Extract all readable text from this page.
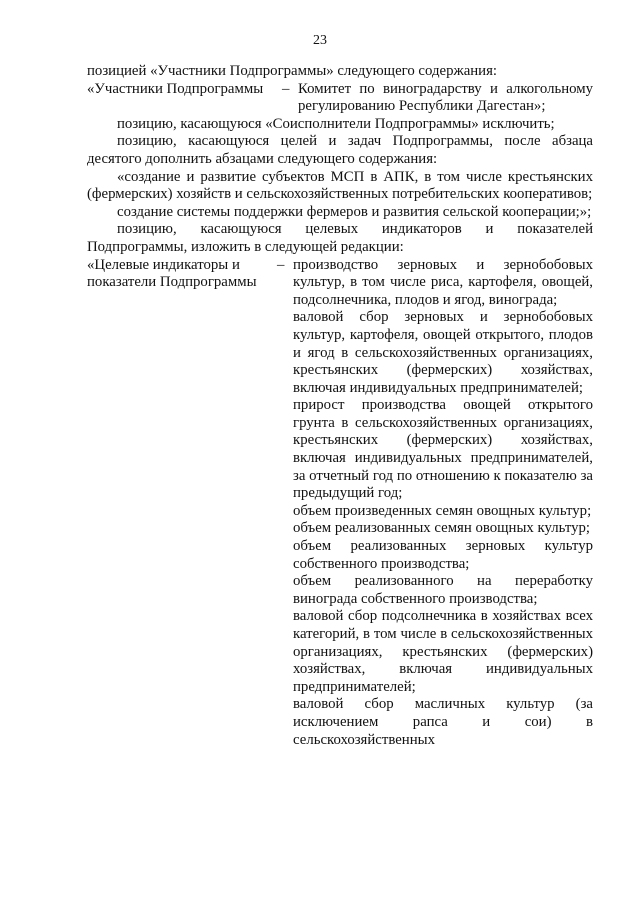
23

позицией «Участники Подпрограммы» следующего содержания:

«Участники Подпрограммы	– Комитет по виноградарству и алкогольному регулированию Республики Дагестан»;

позицию, касающуюся «Соисполнители Подпрограммы» исключить;

позицию, касающуюся целей и задач Подпрограммы, после абзаца десятого дополнить абзацами следующего содержания:

«создание и развитие субъектов МСП в АПК, в том числе крестьянских (фермерских) хозяйств и сельскохозяйственных потребительских кооперативов;

создание системы поддержки фермеров и развития сельской кооперации;»;

позицию, касающуюся целевых индикаторов и показателей Подпрограммы, изложить в следующей редакции:

«Целевые индикаторы и показатели Подпрограммы
– производство зерновых и зернобобовых культур, в том числе риса, картофеля, овощей, подсолнечника, плодов и ягод, винограда;

валовой сбор зерновых и зернобобовых культур, картофеля, овощей открытого, плодов и ягод в сельскохозяйственных организациях, крестьянских (фермерских) хозяйствах, включая индивидуальных предпринимателей;

прирост производства овощей открытого грунта в сельскохозяйственных организациях, крестьянских (фермерских) хозяйствах, включая индивидуальных предпринимателей, за отчетный год по отношению к показателю за предыдущий год;

объем произведенных семян овощных культур;

объем реализованных семян овощных культур;

объем реализованных зерновых культур собственного производства;

объем реализованного на переработку винограда собственного производства;

валовой сбор подсолнечника в хозяйствах всех категорий, в том числе в сельскохозяйственных организациях, крестьянских (фермерских) хозяйствах, включая индивидуальных предпринимателей;

валовой сбор масличных культур (за исключением рапса и сои) в сельскохозяйственных
